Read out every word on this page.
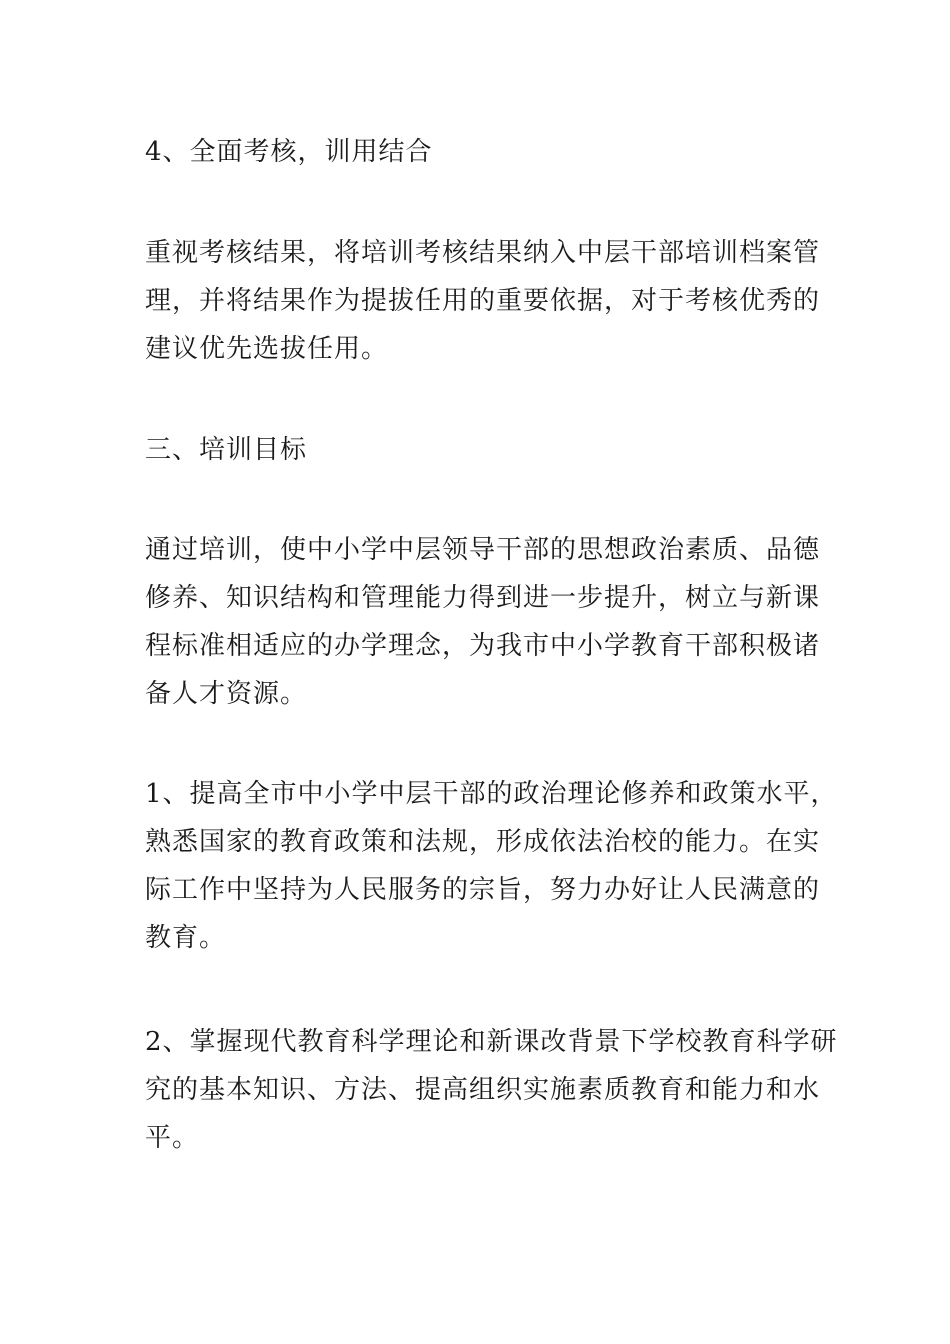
4、全面考核，训用结合

重视考核结果，将培训考核结果纳入中层干部培训档案管
理，并将结果作为提拔任用的重要依据，对于考核优秀的
建议优先选拔任用。

三、培训目标

通过培训，使中小学中层领导干部的思想政治素质、品德
修养、知识结构和管理能力得到进一步提升，树立与新课
程标准相适应的办学理念，为我市中小学教育干部积极诸
备人才资源。

1、提高全市中小学中层干部的政治理论修养和政策水平，
熟悉国家的教育政策和法规，形成依法治校的能力。在实
际工作中坚持为人民服务的宗旨，努力办好让人民满意的
教育。

2、掌握现代教育科学理论和新课改背景下学校教育科学研
究的基本知识、方法、提高组织实施素质教育和能力和水
平。
